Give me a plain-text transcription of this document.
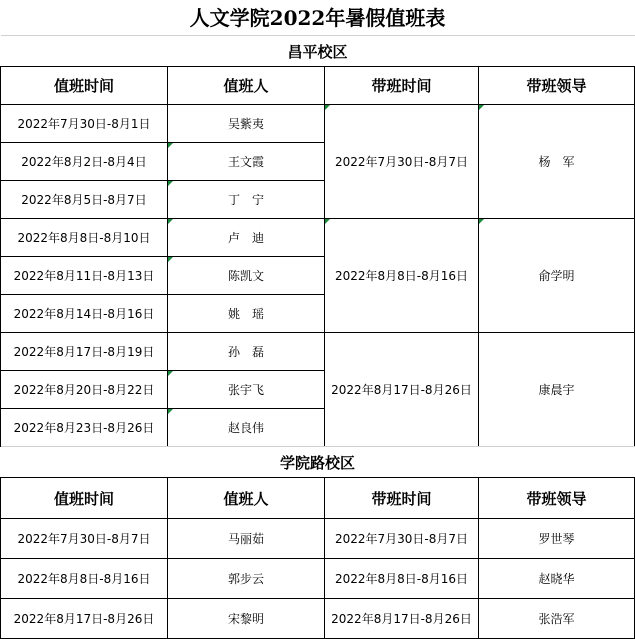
人文学院2022年暑假值班表
昌平校区			
值班时间	值班人	带班时间	带班领导
2022年7月30日-8月1日	吴紫夷	2022年7月30日-8月7日	杨　军
2022年8月2日-8月4日	王文霞		
2022年8月5日-8月7日	丁　宁		
2022年8月8日-8月10日	卢　迪	2022年8月8日-8月16日	俞学明
2022年8月11日-8月13日	陈凯文		
2022年8月14日-8月16日	姚　瑶		
2022年8月17日-8月19日	孙　磊	2022年8月17日-8月26日	康晨宇
2022年8月20日-8月22日	张宇飞		
2022年8月23日-8月26日	赵良伟		
学院路校区			
值班时间	值班人	带班时间	带班领导
2022年7月30日-8月7日	马丽茹	2022年7月30日-8月7日	罗世琴
2022年8月8日-8月16日	郭步云	2022年8月8日-8月16日	赵晓华
2022年8月17日-8月26日	宋黎明	2022年8月17日-8月26日	张浩军
